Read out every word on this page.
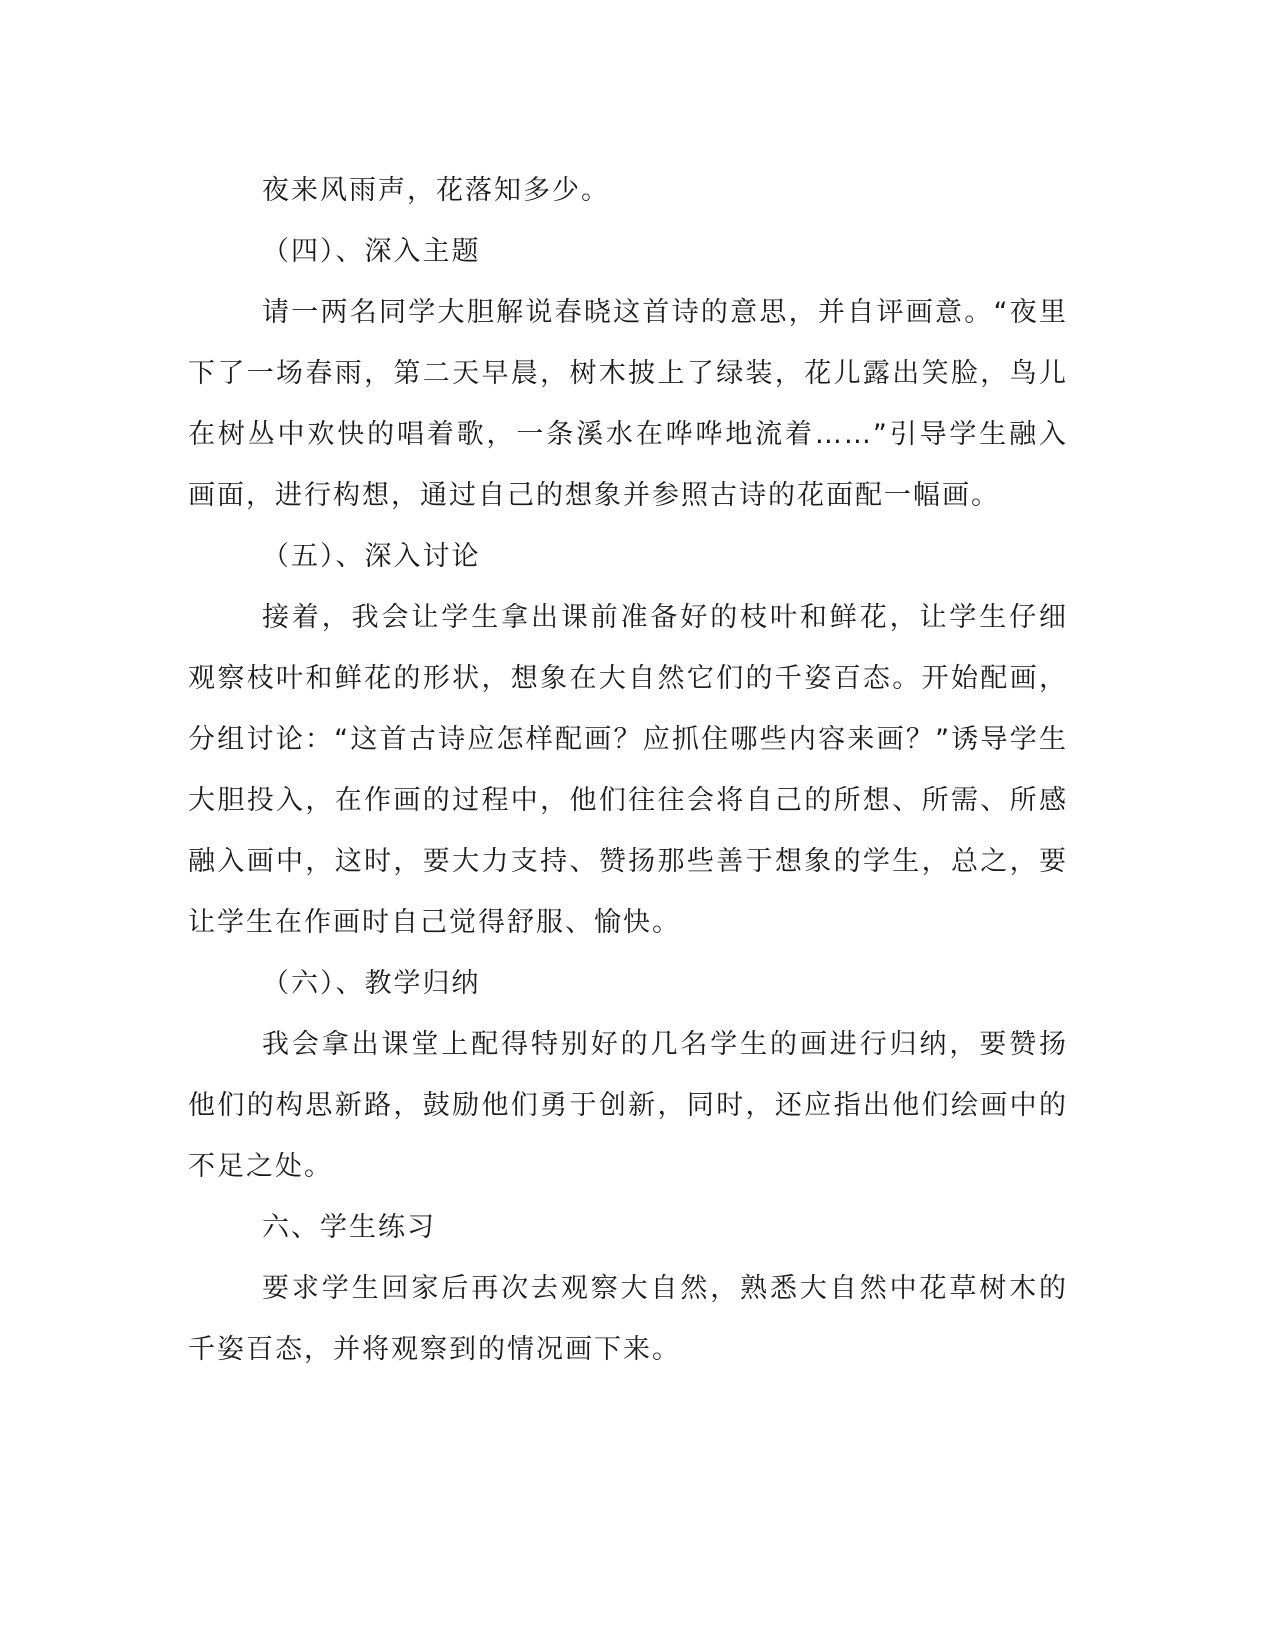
夜来风雨声，花落知多少。

（四）、深入主题

请一两名同学大胆解说春晓这首诗的意思，并自评画意。“夜里下了一场春雨，第二天早晨，树木披上了绿装，花儿露出笑脸，鸟儿在树丛中欢快的唱着歌，一条溪水在哗哗地流着……”引导学生融入画面，进行构想，通过自己的想象并参照古诗的花面配一幅画。

（五）、深入讨论

接着，我会让学生拿出课前准备好的枝叶和鲜花，让学生仔细观察枝叶和鲜花的形状，想象在大自然它们的千姿百态。开始配画，分组讨论：“这首古诗应怎样配画？应抓住哪些内容来画？”诱导学生大胆投入，在作画的过程中，他们往往会将自己的所想、所需、所感融入画中，这时，要大力支持、赞扬那些善于想象的学生，总之，要让学生在作画时自己觉得舒服、愉快。

（六）、教学归纳

我会拿出课堂上配得特别好的几名学生的画进行归纳，要赞扬他们的构思新路，鼓励他们勇于创新，同时，还应指出他们绘画中的不足之处。

六、学生练习

要求学生回家后再次去观察大自然，熟悉大自然中花草树木的千姿百态，并将观察到的情况画下来。
